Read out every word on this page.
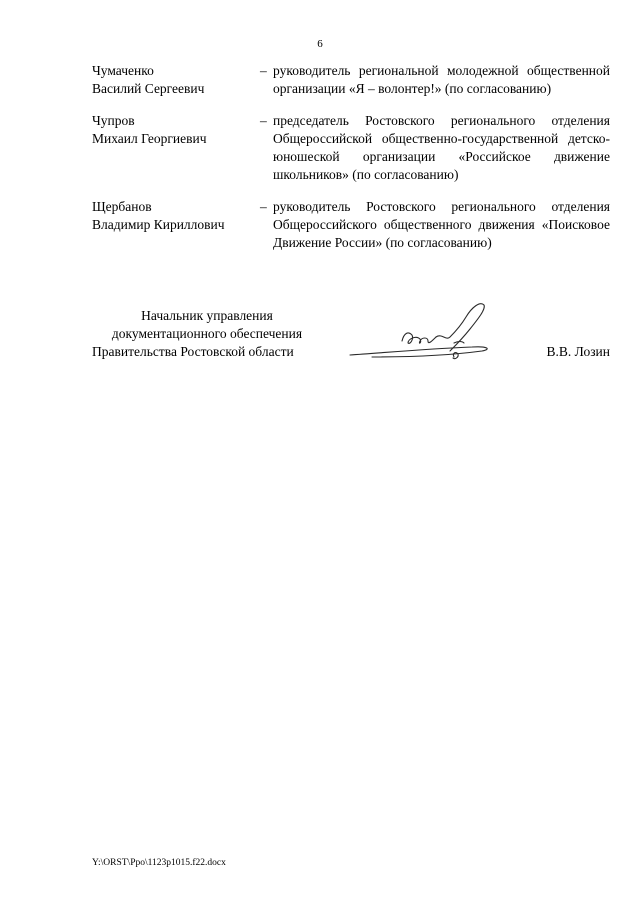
6
Чумаченко
Василий Сергеевич
– руководитель региональной молодежной общественной организации «Я – волонтер!» (по согласованию)
Чупров
Михаил Георгиевич
– председатель Ростовского регионального отделения Общероссийской общественно-государственной детско-юношеской организации «Российское движение школьников» (по согласованию)
Щербанов
Владимир Кириллович
– руководитель Ростовского регионального отделения Общероссийского общественного движения «Поисковое Движение России» (по согласованию)
Начальник управления
документационного обеспечения
Правительства Ростовской области	В.В. Лозин
Y:\ORST\Ppo\1123p1015.f22.docx
